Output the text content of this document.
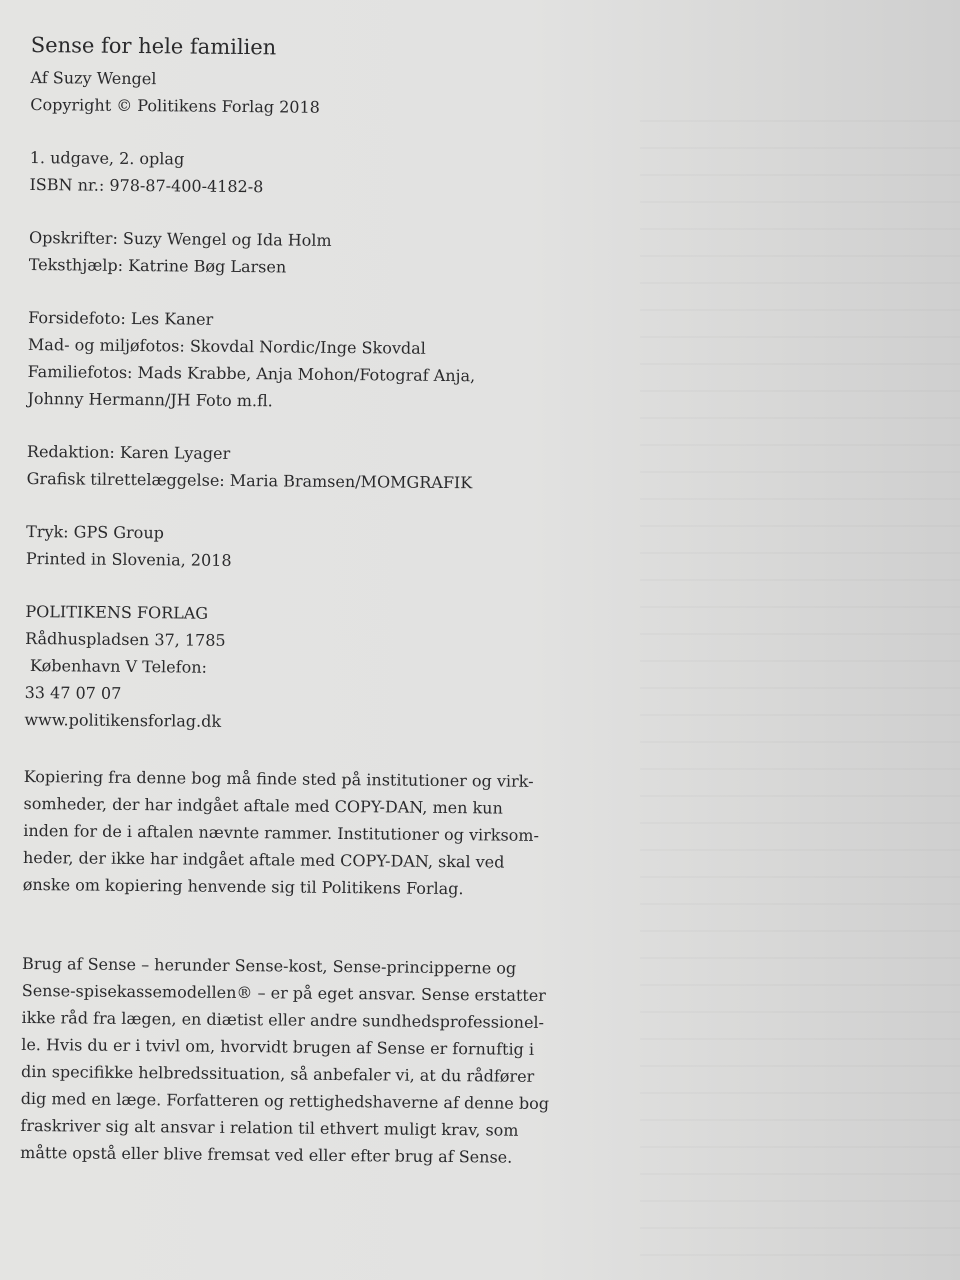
Sense for hele familien

Af Suzy Wengel

Copyright © Politikens Forlag 2018

1. udgave, 2. oplag

ISBN nr.: 978-87-400-4182-8

Opskrifter: Suzy Wengel og Ida Holm

Teksthjælp: Katrine Bøg Larsen

Forsidefoto: Les Kaner

Mad- og miljøfotos: Skovdal Nordic/Inge Skovdal

Familiefotos: Mads Krabbe, Anja Mohon/Fotograf Anja,

Johnny Hermann/JH Foto m.fl.

Redaktion: Karen Lyager

Grafisk tilrettelæggelse: Maria Bramsen/MOMGRAFIK

Tryk: GPS Group

Printed in Slovenia, 2018

POLITIKENS FORLAG

Rådhuspladsen 37, 1785

København V Telefon:

33 47 07 07

www.politikensforlag.dk

Kopiering fra denne bog må finde sted på institutioner og virk-

somheder, der har indgået aftale med COPY-DAN, men kun

inden for de i aftalen nævnte rammer. Institutioner og virksom-

heder, der ikke har indgået aftale med COPY-DAN, skal ved

ønske om kopiering henvende sig til Politikens Forlag.

Brug af Sense – herunder Sense-kost, Sense-principperne og

Sense-spisekassemodellen® – er på eget ansvar. Sense erstatter

ikke råd fra lægen, en diætist eller andre sundhedsprofessionel-

le. Hvis du er i tvivl om, hvorvidt brugen af Sense er fornuftig i

din specifikke helbredssituation, så anbefaler vi, at du rådfører

dig med en læge. Forfatteren og rettighedshaverne af denne bog

fraskriver sig alt ansvar i relation til ethvert muligt krav, som

måtte opstå eller blive fremsat ved eller efter brug af Sense.
